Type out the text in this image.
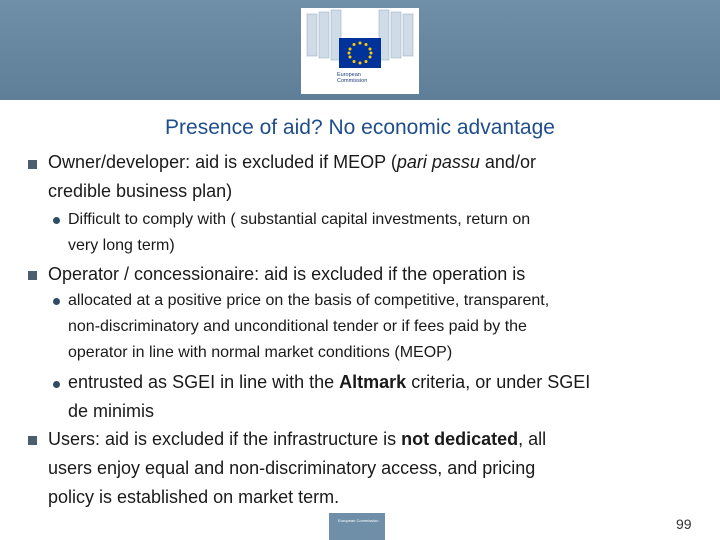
European
Commission
Presence of aid? No economic advantage
Owner/developer: aid is excluded if MEOP (pari passu and/or
credible business plan)
Difficult to comply with ( substantial capital investments, return on
very long term)
Operator / concessionaire: aid is excluded if the operation is
allocated at a positive price on the basis of competitive, transparent,
non-discriminatory and unconditional tender or if fees paid by the
operator in line with normal market conditions (MEOP)
entrusted as SGEI in line with the Altmark criteria, or under SGEI
de minimis
Users: aid is excluded if the infrastructure is not dedicated, all
users enjoy equal and non-discriminatory access, and pricing
policy is established on market term.
European Commission	99
